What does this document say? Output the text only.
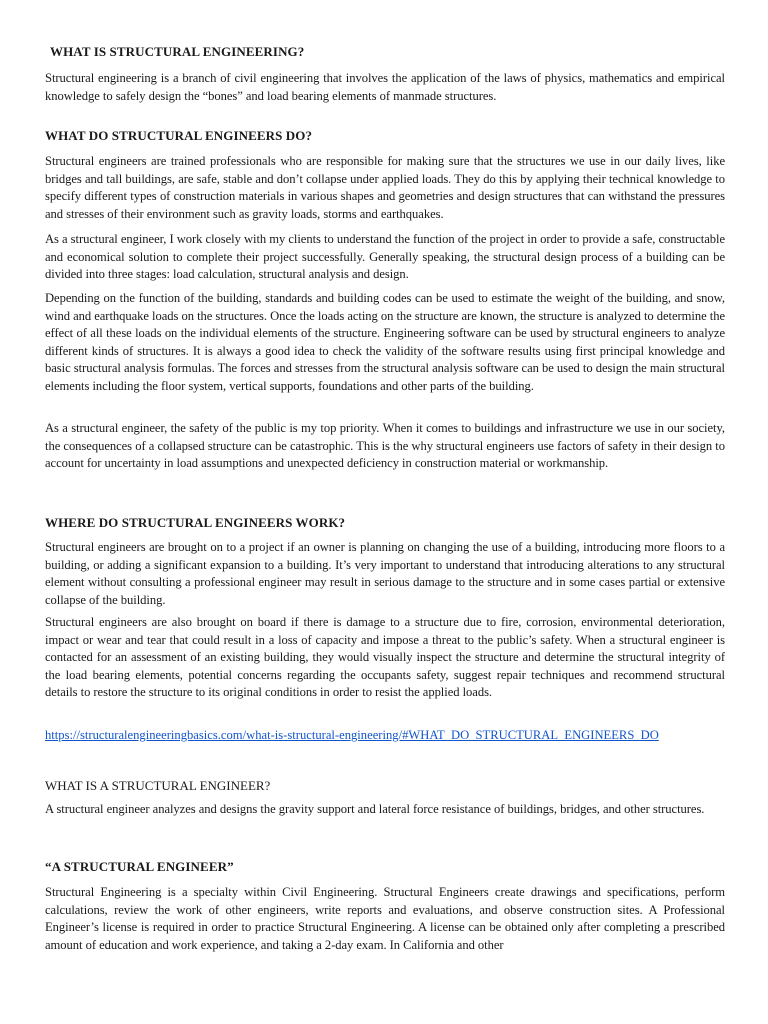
WHAT IS STRUCTURAL ENGINEERING?

Structural engineering is a branch of civil engineering that involves the application of the laws of physics, mathematics and empirical knowledge to safely design the “bones” and load bearing elements of manmade structures.

WHAT DO STRUCTURAL ENGINEERS DO?

Structural engineers are trained professionals who are responsible for making sure that the structures we use in our daily lives, like bridges and tall buildings, are safe, stable and don’t collapse under applied loads. They do this by applying their technical knowledge to specify different types of construction materials in various shapes and geometries and design structures that can withstand the pressures and stresses of their environment such as gravity loads, storms and earthquakes.

As a structural engineer, I work closely with my clients to understand the function of the project in order to provide a safe, constructable and economical solution to complete their project successfully. Generally speaking, the structural design process of a building can be divided into three stages: load calculation, structural analysis and design.

Depending on the function of the building, standards and building codes can be used to estimate the weight of the building, and snow, wind and earthquake loads on the structures. Once the loads acting on the structure are known, the structure is analyzed to determine the effect of all these loads on the individual elements of the structure. Engineering software can be used by structural engineers to analyze different kinds of structures. It is always a good idea to check the validity of the software results using first principal knowledge and basic structural analysis formulas. The forces and stresses from the structural analysis software can be used to design the main structural elements including the floor system, vertical supports, foundations and other parts of the building.

As a structural engineer, the safety of the public is my top priority. When it comes to buildings and infrastructure we use in our society, the consequences of a collapsed structure can be catastrophic. This is the why structural engineers use factors of safety in their design to account for uncertainty in load assumptions and unexpected deficiency in construction material or workmanship.

WHERE DO STRUCTURAL ENGINEERS WORK?

Structural engineers are brought on to a project if an owner is planning on changing the use of a building, introducing more floors to a building, or adding a significant expansion to a building. It’s very important to understand that introducing alterations to any structural element without consulting a professional engineer may result in serious damage to the structure and in some cases partial or extensive collapse of the building.

Structural engineers are also brought on board if there is damage to a structure due to fire, corrosion, environmental deterioration, impact or wear and tear that could result in a loss of capacity and impose a threat to the public’s safety. When a structural engineer is contacted for an assessment of an existing building, they would visually inspect the structure and determine the structural integrity of the load bearing elements, potential concerns regarding the occupants safety, suggest repair techniques and recommend structural details to restore the structure to its original conditions in order to resist the applied loads.

https://structuralengineeringbasics.com/what-is-structural-engineering/#WHAT_DO_STRUCTURAL_ENGINEERS_DO
WHAT IS A STRUCTURAL ENGINEER?

A structural engineer analyzes and designs the gravity support and lateral force resistance of buildings, bridges, and other structures.

“A STRUCTURAL ENGINEER”

Structural Engineering is a specialty within Civil Engineering. Structural Engineers create drawings and specifications, perform calculations, review the work of other engineers, write reports and evaluations, and observe construction sites. A Professional Engineer’s license is required in order to practice Structural Engineering. A license can be obtained only after completing a prescribed amount of education and work experience, and taking a 2-day exam. In California and other
